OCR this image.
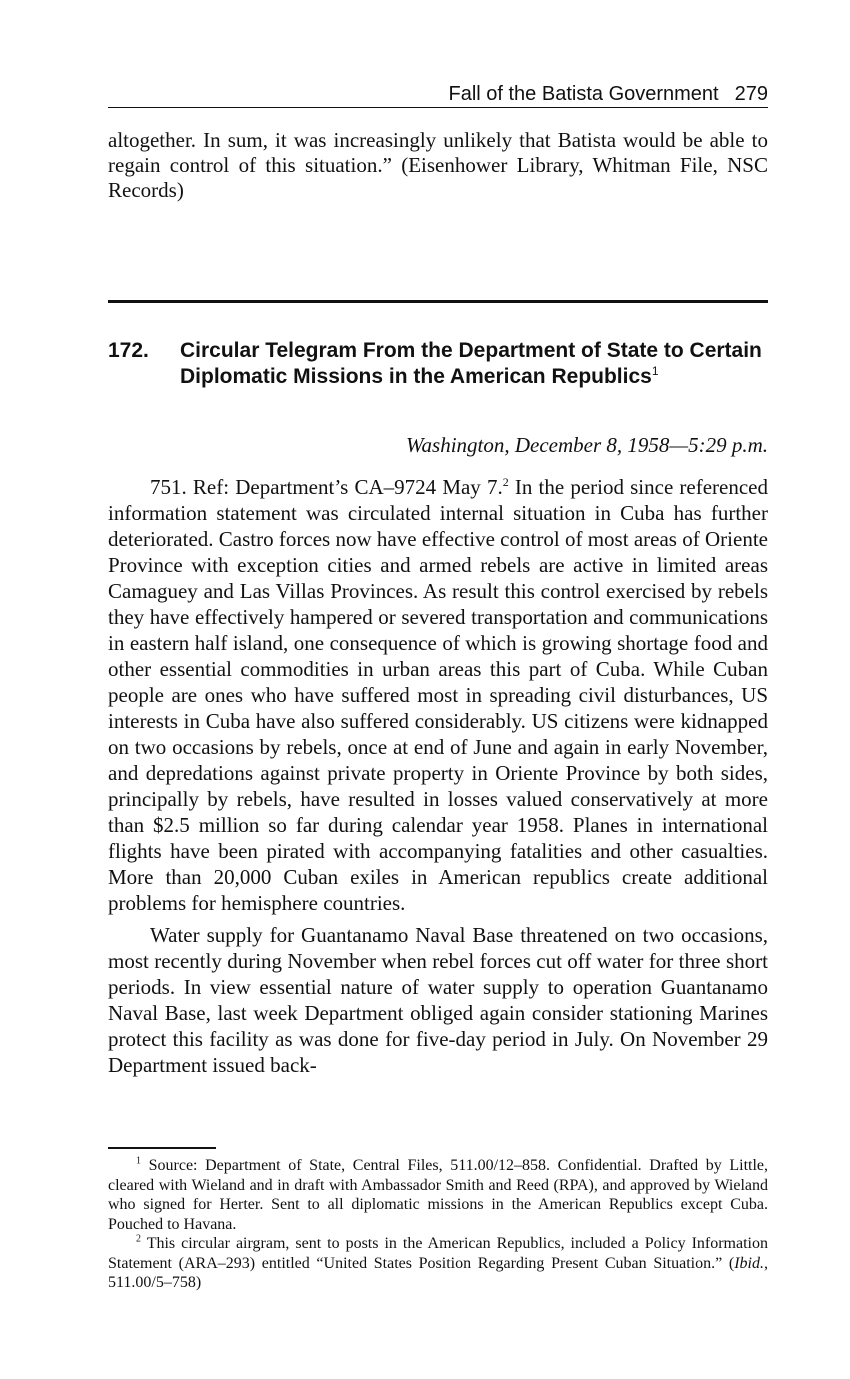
Fall of the Batista Government 279
altogether. In sum, it was increasingly unlikely that Batista would be able to regain control of this situation.” (Eisenhower Library, Whitman File, NSC Records)
172. Circular Telegram From the Department of State to Certain Diplomatic Missions in the American Republics$^1$
Washington, December 8, 1958—5:29 p.m.

751. Ref: Department’s CA–9724 May 7.$^2$ In the period since referenced information statement was circulated internal situation in Cuba has further deteriorated. Castro forces now have effective control of most areas of Oriente Province with exception cities and armed rebels are active in limited areas Camaguey and Las Villas Provinces. As result this control exercised by rebels they have effectively hampered or severed transportation and communications in eastern half island, one consequence of which is growing shortage food and other essential commodities in urban areas this part of Cuba. While Cuban people are ones who have suffered most in spreading civil disturbances, US interests in Cuba have also suffered considerably. US citizens were kidnapped on two occasions by rebels, once at end of June and again in early November, and depredations against private property in Oriente Province by both sides, principally by rebels, have resulted in losses valued conservatively at more than $2.5 million so far during calendar year 1958. Planes in international flights have been pirated with accompanying fatalities and other casualties. More than 20,000 Cuban exiles in American republics create additional problems for hemisphere countries.

Water supply for Guantanamo Naval Base threatened on two occasions, most recently during November when rebel forces cut off water for three short periods. In view essential nature of water supply to operation Guantanamo Naval Base, last week Department obliged again consider stationing Marines protect this facility as was done for five-day period in July. On November 29 Department issued back-

$^1$ Source: Department of State, Central Files, 511.00/12–858. Confidential. Drafted by Little, cleared with Wieland and in draft with Ambassador Smith and Reed (RPA), and approved by Wieland who signed for Herter. Sent to all diplomatic missions in the American Republics except Cuba. Pouched to Havana.

$^2$ This circular airgram, sent to posts in the American Republics, included a Policy Information Statement (ARA–293) entitled “United States Position Regarding Present Cuban Situation.” (Ibid., 511.00/5–758)
